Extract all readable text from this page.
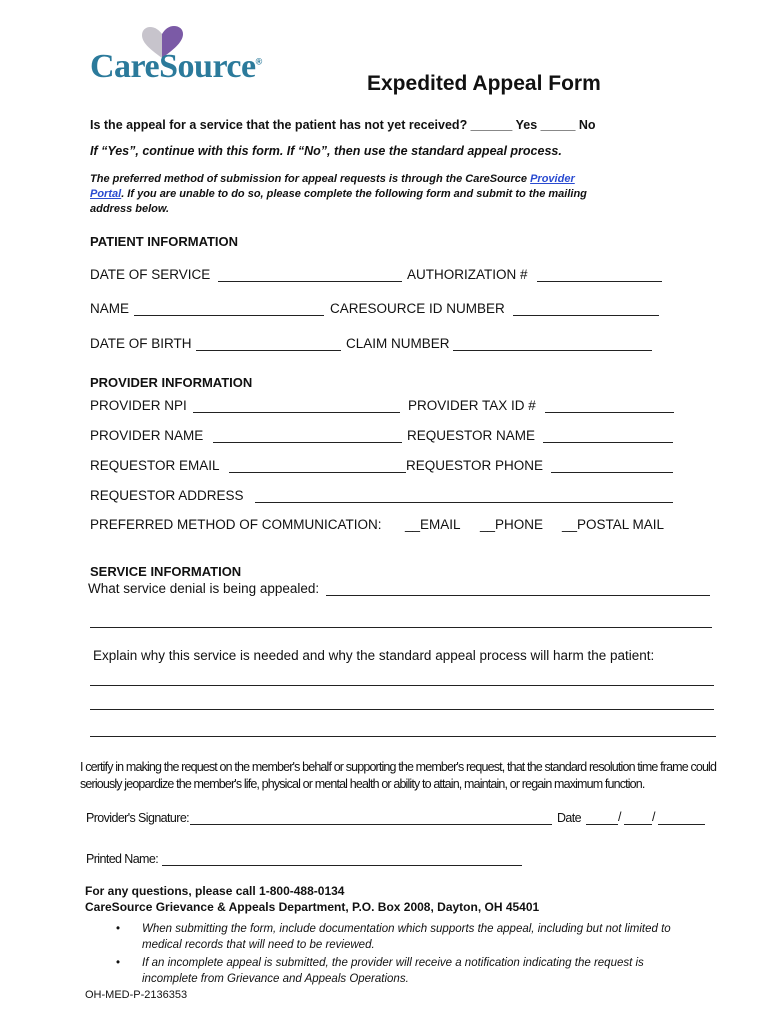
CareSource®
Expedited Appeal Form
Is the appeal for a service that the patient has not yet received? ______ Yes _____ No
If “Yes”, continue with this form. If “No”, then use the standard appeal process.
The preferred method of submission for appeal requests is through the CareSource Provider
Portal. If you are unable to do so, please complete the following form and submit to the mailing
address below.
PATIENT INFORMATION
DATE OF SERVICE	AUTHORIZATION #
NAME	CARESOURCE ID NUMBER
DATE OF BIRTH	CLAIM NUMBER
PROVIDER INFORMATION
PROVIDER NPI	PROVIDER TAX ID #
PROVIDER NAME	REQUESTOR NAME
REQUESTOR EMAIL	REQUESTOR PHONE
REQUESTOR ADDRESS
PREFERRED METHOD OF COMMUNICATION: __EMAIL __PHONE __POSTAL MAIL
SERVICE INFORMATION
What service denial is being appealed:
Explain why this service is needed and why the standard appeal process will harm the patient:
I certify in making the request on the member's behalf or supporting the member's request, that the standard resolution time frame could
seriously jeopardize the member's life, physical or mental health or ability to attain, maintain, or regain maximum function.
Provider's Signature:	Date	/ /
Printed Name:
For any questions, please call 1-800-488-0134
CareSource Grievance & Appeals Department, P.O. Box 2008, Dayton, OH 45401
• When submitting the form, include documentation which supports the appeal, including but not limited to medical records that will need to be reviewed.
• If an incomplete appeal is submitted, the provider will receive a notification indicating the request is incomplete from Grievance and Appeals Operations.
OH-MED-P-2136353
